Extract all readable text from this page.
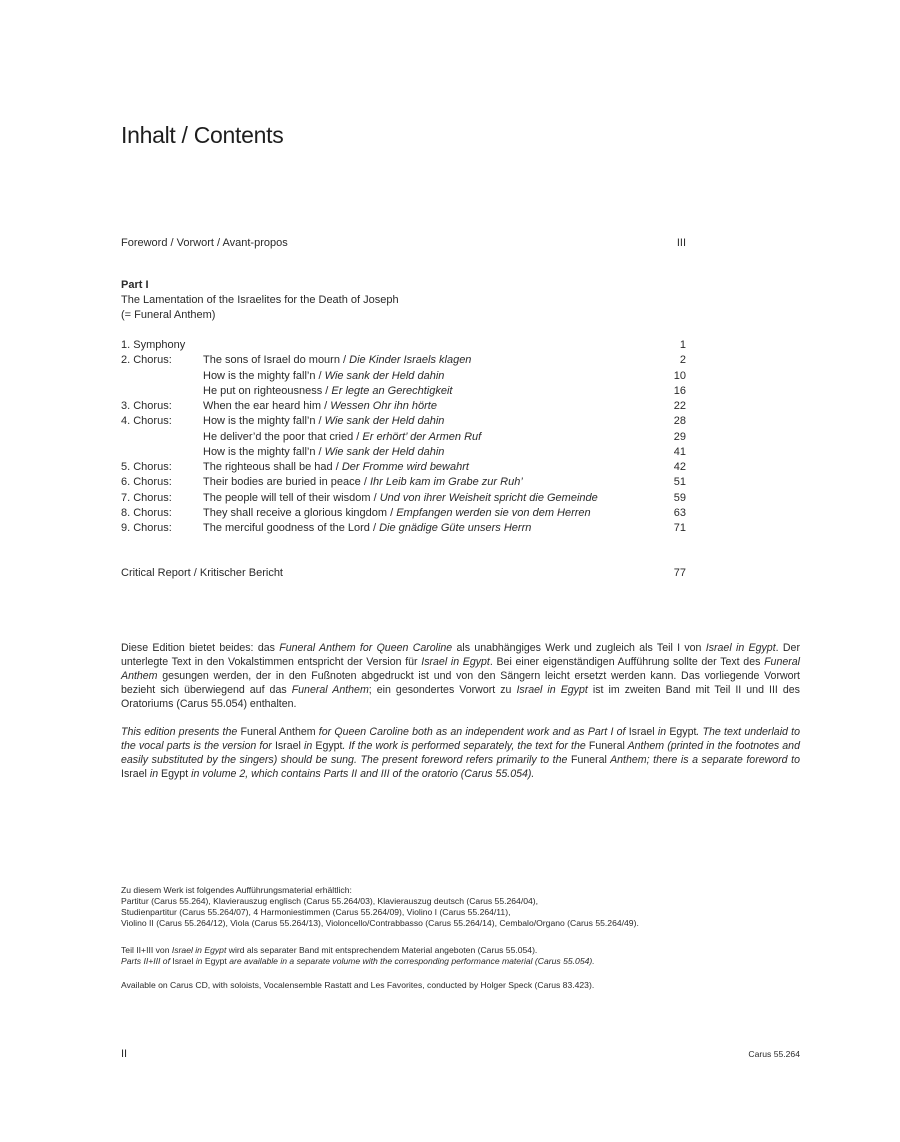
Inhalt / Contents
Foreword / Vorwort / Avant-propos	III
Part I
The Lamentation of the Israelites for the Death of Joseph
(= Funeral Anthem)
1. Symphony	1
2. Chorus:	The sons of Israel do mourn / Die Kinder Israels klagen	2
How is the mighty fall’n / Wie sank der Held dahin	10
He put on righteousness / Er legte an Gerechtigkeit	16
3. Chorus:	When the ear heard him / Wessen Ohr ihn hörte	22
4. Chorus:	How is the mighty fall’n / Wie sank der Held dahin	28
He deliver’d the poor that cried / Er erhört’ der Armen Ruf	29
How is the mighty fall’n / Wie sank der Held dahin	41
5. Chorus:	The righteous shall be had / Der Fromme wird bewahrt	42
6. Chorus:	Their bodies are buried in peace / Ihr Leib kam im Grabe zur Ruh’	51
7. Chorus:	The people will tell of their wisdom / Und von ihrer Weisheit spricht die Gemeinde	59
8. Chorus:	They shall receive a glorious kingdom / Empfangen werden sie von dem Herren	63
9. Chorus:	The merciful goodness of the Lord / Die gnädige Güte unsers Herrn	71
Critical Report / Kritischer Bericht	77
Diese Edition bietet beides: das Funeral Anthem for Queen Caroline als unabhängiges Werk und zugleich als Teil I von Israel in Egypt. Der unterlegte Text in den Vokalstimmen entspricht der Version für Israel in Egypt. Bei einer eigenständigen Aufführung sollte der Text des Funeral Anthem gesungen werden, der in den Fußnoten abgedruckt ist und von den Sängern leicht ersetzt werden kann. Das vorliegende Vorwort bezieht sich überwiegend auf das Funeral Anthem; ein gesondertes Vorwort zu Israel in Egypt ist im zweiten Band mit Teil II und III des Oratoriums (Carus 55.054) enthalten.
This edition presents the Funeral Anthem for Queen Caroline both as an independent work and as Part I of Israel in Egypt. The text underlaid to the vocal parts is the version for Israel in Egypt. If the work is performed separately, the text for the Funeral Anthem (printed in the footnotes and easily substituted by the singers) should be sung. The present foreword refers primarily to the Funeral Anthem; there is a separate foreword to Israel in Egypt in volume 2, which contains Parts II and III of the oratorio (Carus 55.054).
Zu diesem Werk ist folgendes Aufführungsmaterial erhältlich:
Partitur (Carus 55.264), Klavierauszug englisch (Carus 55.264/03), Klavierauszug deutsch (Carus 55.264/04),
Studienpartitur (Carus 55.264/07), 4 Harmoniestimmen (Carus 55.264/09), Violino I (Carus 55.264/11),
Violino II (Carus 55.264/12), Viola (Carus 55.264/13), Violoncello/Contrabbasso (Carus 55.264/14), Cembalo/Organo (Carus 55.264/49).
Teil II+III von Israel in Egypt wird als separater Band mit entsprechendem Material angeboten (Carus 55.054).
Parts II+III of Israel in Egypt are available in a separate volume with the corresponding performance material (Carus 55.054).
Available on Carus CD, with soloists, Vocalensemble Rastatt and Les Favorites, conducted by Holger Speck (Carus 83.423).
II	Carus 55.264
